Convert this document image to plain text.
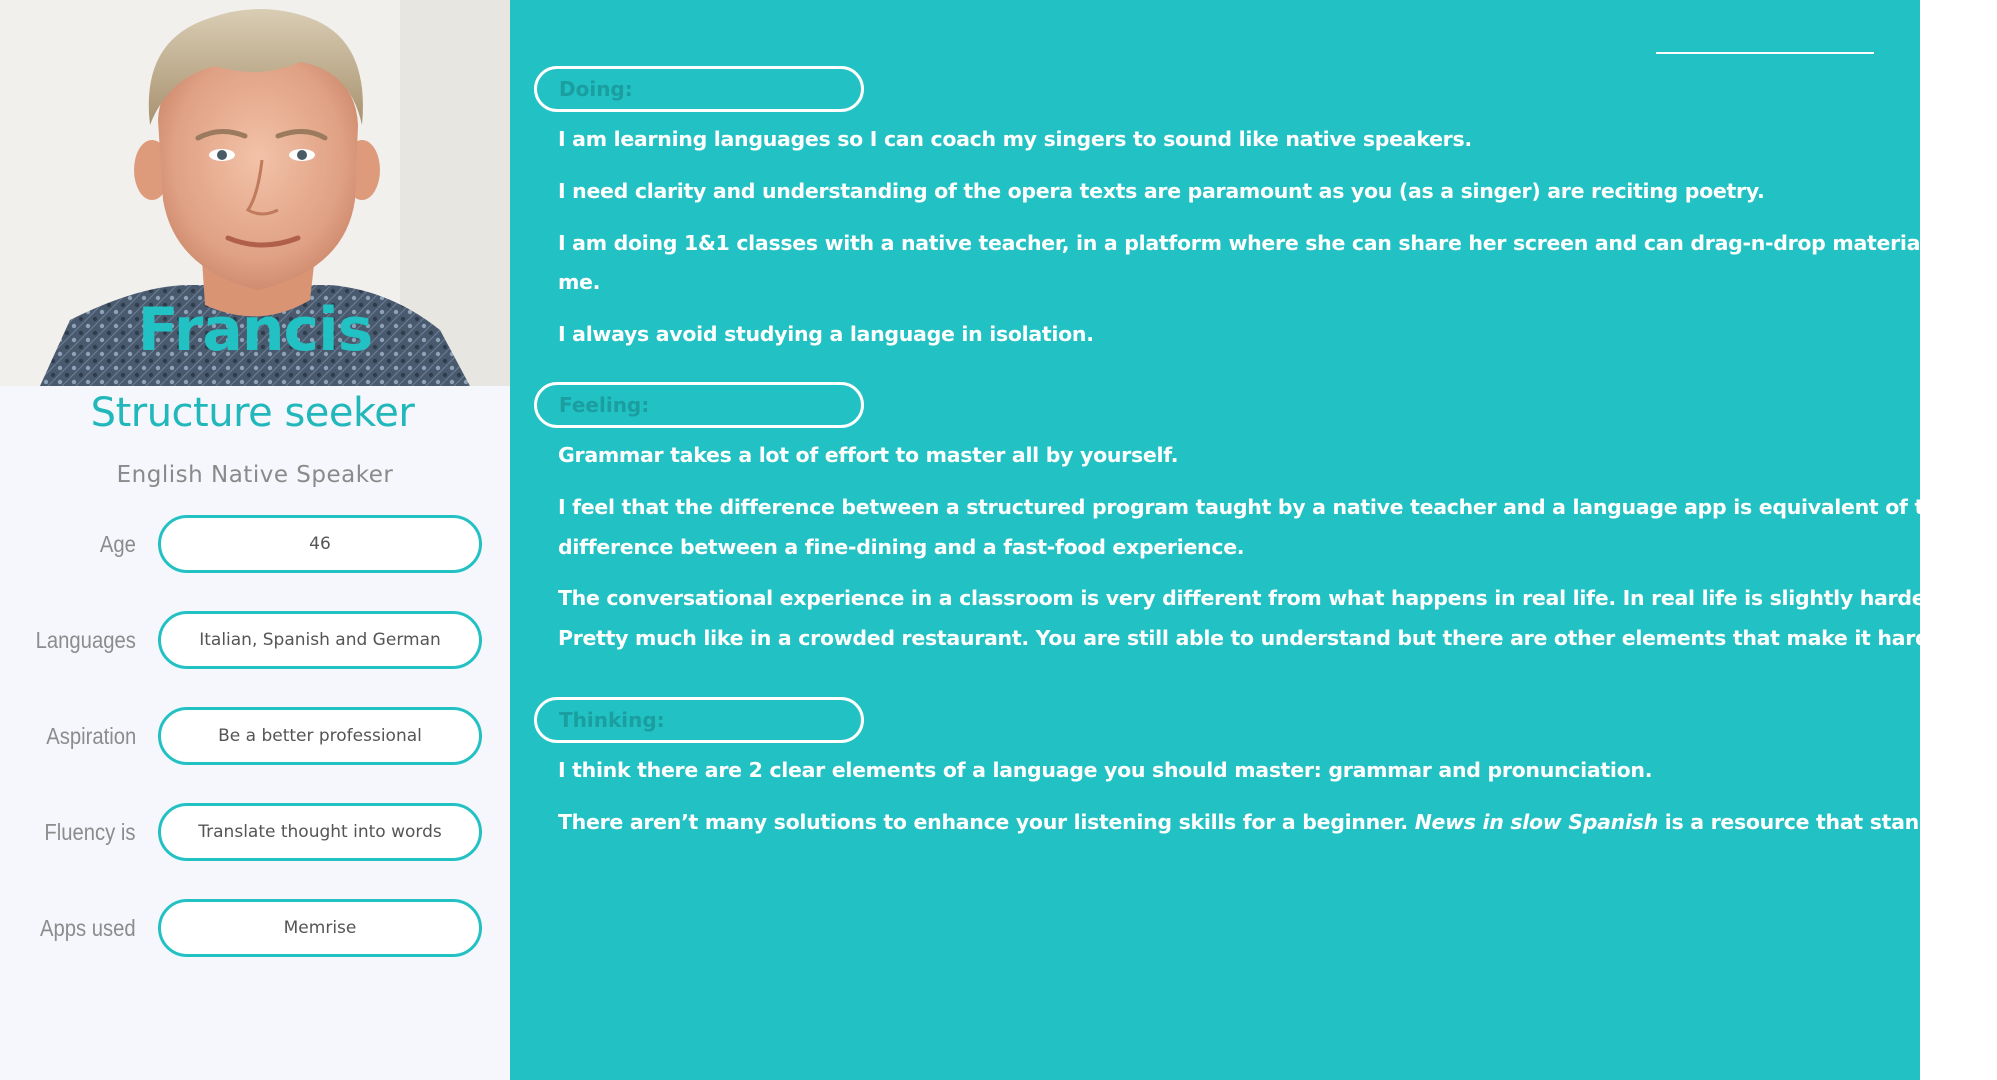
Francis
Structure seeker
English Native Speaker
Age	46
Languages	Italian, Spanish and German
Aspiration	Be a better professional
Fluency is	Translate thought into words
Apps used	Memrise
Doing:
I am learning languages so I can coach my singers to sound like native speakers.
I need clarity and understanding of the opera texts are paramount as you (as a singer) are reciting poetry.
I am doing 1&1 classes with a native teacher, in a platform where she can share her screen and can drag-n-drop materials to
me.
I always avoid studying a language in isolation.
Feeling:
Grammar takes a lot of effort to master all by yourself.
I feel that the difference between a structured program taught by a native teacher and a language app is equivalent of the
difference between a fine-dining and a fast-food experience.
The conversational experience in a classroom is very different from what happens in real life. In real life is slightly harder.
Pretty much like in a crowded restaurant. You are still able to understand but there are other elements that make it harder.
Thinking:
I think there are 2 clear elements of a language you should master: grammar and pronunciation.
There aren’t many solutions to enhance your listening skills for a beginner. News in slow Spanish is a resource that stands out.
